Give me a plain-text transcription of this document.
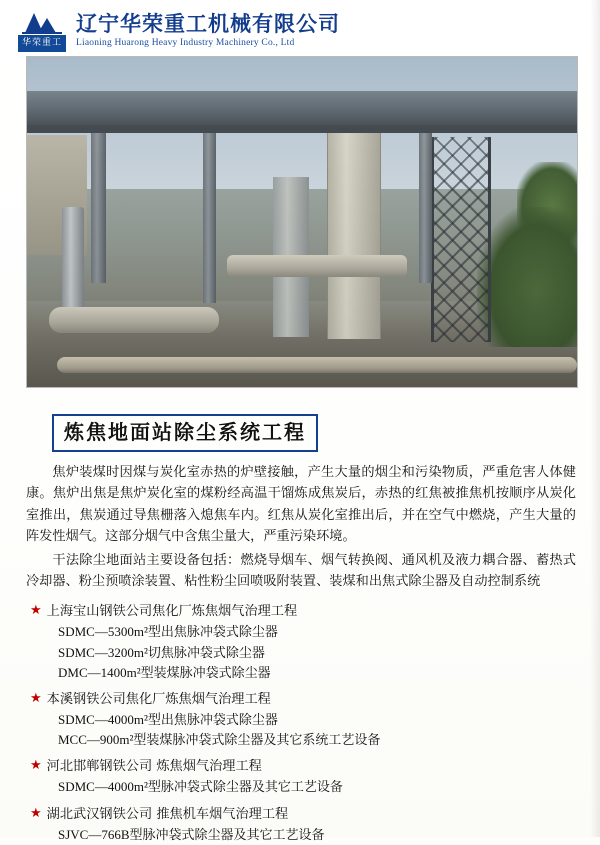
华荣重工
辽宁华荣重工机械有限公司
Liaoning Huarong Heavy Industry Machinery Co., Ltd
炼焦地面站除尘系统工程

焦炉装煤时因煤与炭化室赤热的炉壁接触，产生大量的烟尘和污染物质，严重危害人体健康。焦炉出焦是焦炉炭化室的煤粉经高温干馏炼成焦炭后，赤热的红焦被推焦机按顺序从炭化室推出，焦炭通过导焦栅落入熄焦车内。红焦从炭化室推出后，并在空气中燃烧，产生大量的阵发性烟气。这部分烟气中含焦尘量大，严重污染环境。

干法除尘地面站主要设备包括：燃烧导烟车、烟气转换阀、通风机及液力耦合器、蓄热式冷却器、粉尘预喷涂装置、粘性粉尘回喷吸附装置、装煤和出焦式除尘器及自动控制系统

★ 上海宝山钢铁公司焦化厂炼焦烟气治理工程
SDMC—5300m²型出焦脉冲袋式除尘器
SDMC—3200m²切焦脉冲袋式除尘器
DMC—1400m²型装煤脉冲袋式除尘器
★ 本溪钢铁公司焦化厂炼焦烟气治理工程
SDMC—4000m²型出焦脉冲袋式除尘器
MCC—900m²型装煤脉冲袋式除尘器及其它系统工艺设备
★ 河北邯郸钢铁公司 炼焦烟气治理工程
SDMC—4000m²型脉冲袋式除尘器及其它工艺设备
★ 湖北武汉钢铁公司 推焦机车烟气治理工程
SJVC—766B型脉冲袋式除尘器及其它工艺设备
